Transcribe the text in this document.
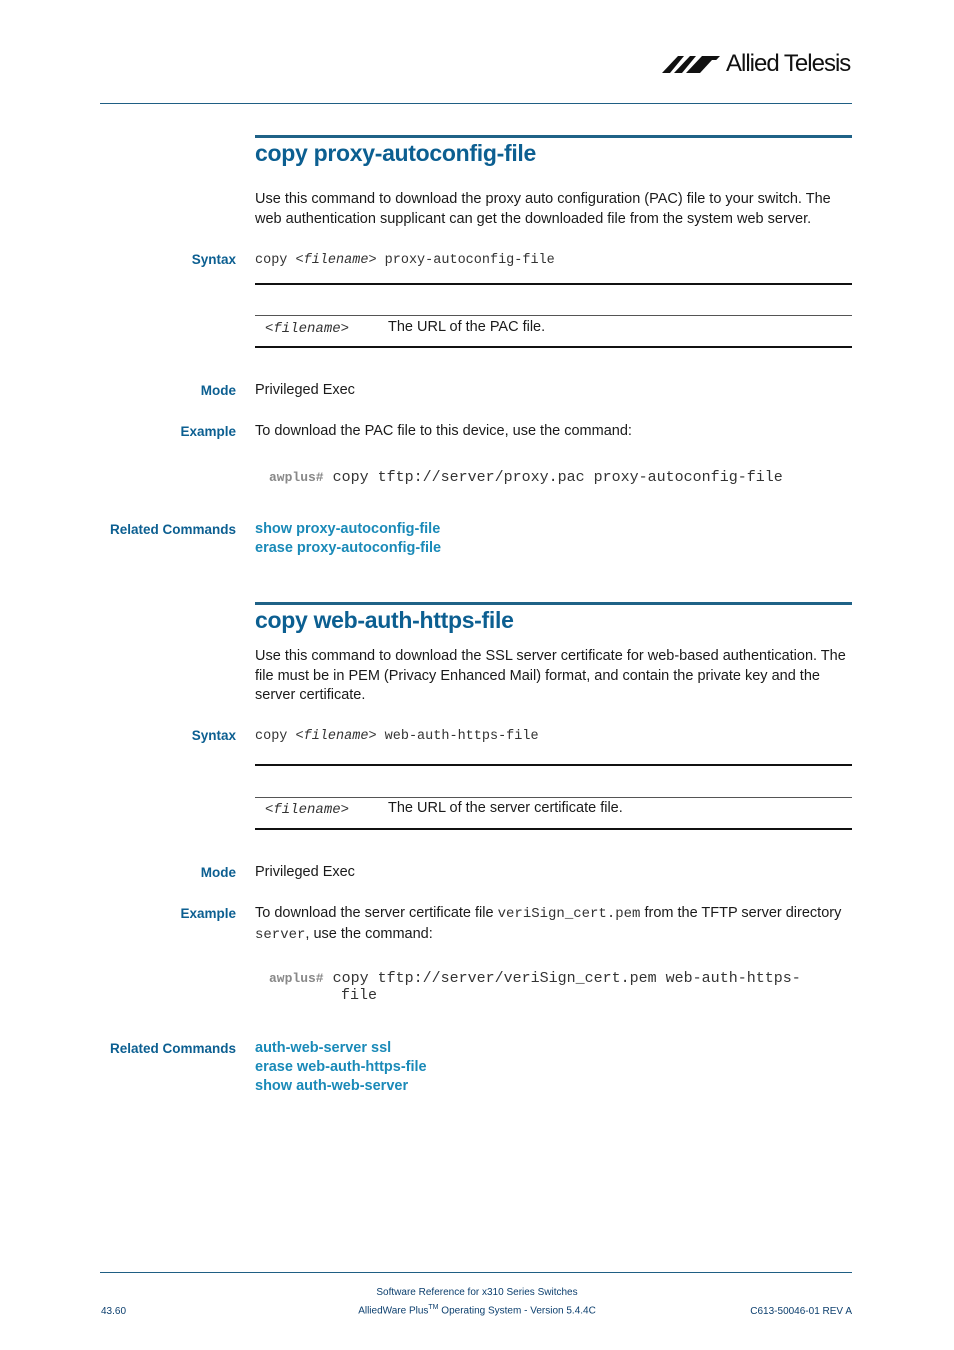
Allied Telesis
copy proxy-autoconfig-file
Use this command to download the proxy auto configuration (PAC) file to your switch. The web authentication supplicant can get the downloaded file from the system web server.
Syntax copy <filename> proxy-autoconfig-file
<filename>	The URL of the PAC file.
Mode Privileged Exec
Example To download the PAC file to this device, use the command:
awplus# copy tftp://server/proxy.pac proxy-autoconfig-file
Related Commands show proxy-autoconfig-file
erase proxy-autoconfig-file
copy web-auth-https-file
Use this command to download the SSL server certificate for web-based authentication. The file must be in PEM (Privacy Enhanced Mail) format, and contain the private key and the server certificate.
Syntax copy <filename> web-auth-https-file
<filename>	The URL of the server certificate file.
Mode Privileged Exec
Example To download the server certificate file veriSign_cert.pem from the TFTP server directory server, use the command:
awplus# copy tftp://server/veriSign_cert.pem web-auth-https-
file
Related Commands auth-web-server ssl
erase web-auth-https-file
show auth-web-server
Software Reference for x310 Series Switches
AlliedWare Plus™ Operating System - Version 5.4.4C
43.60	C613-50046-01 REV A
